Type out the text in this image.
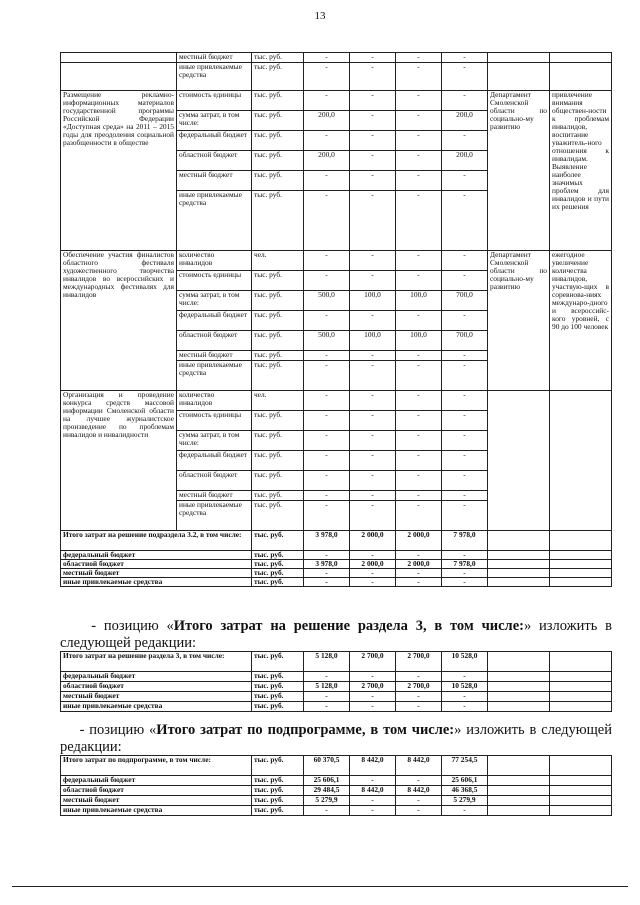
13
	местный бюджет	тыс. руб.	-	-	-	-		
	иные привлекаемые средства	тыс. руб.	-	-	-	-		
Размещение рекламно-информационных материалов государственной программы Российской Федерации «Доступная среда» на 2011 – 2015 годы для преодоления социальной разобщенности в обществе	стоимость единицы	тыс. руб.	-	-	-	-	Департамент Смоленской области по социально-му развитию	привлечение внимания обществен-ности к проблемам инвалидов, воспитание уважитель-ного отношения к инвалидам. Выявление наиболее значимых проблем для инвалидов и пути их решения
	сумма затрат, в том числе:	тыс. руб.	200,0	-	-	200,0		
	федеральный бюджет	тыс. руб.	-	-	-	-		
	областной бюджет	тыс. руб.	200,0	-	-	200,0		
	местный бюджет	тыс. руб.	-	-	-	-		
	иные привлекаемые средства	тыс. руб.	-	-	-	-		
Обеспечение участия финалистов областного фестиваля художественного творчества инвалидов во всероссийских и международных фестивалях для инвалидов	количество инвалидов	чел.	-	-	-	-	Департамент Смоленской области по социально-му развитию	ежегодное увеличение количества инвалидов, участвую-щих в соревнова-ниях междунаро-дного и всероссийс-кого уровней, с 90 до 100 человек
	стоимость единицы	тыс. руб.	-	-	-	-		
	сумма затрат, в том числе:	тыс. руб.	500,0	100,0	100,0	700,0		
	федеральный бюджет	тыс. руб.	-	-	-	-		
	областной бюджет	тыс. руб.	500,0	100,0	100,0	700,0		
	местный бюджет	тыс. руб.	-	-	-	-		
	иные привлекаемые средства	тыс. руб.	-	-	-	-		
Организация и проведение конкурса средств массовой информации Смоленской области на лучшее журналистское произведение по проблемам инвалидов и инвалидности	количество инвалидов	чел.	-	-	-	-		
	стоимость единицы	тыс. руб.	-	-	-	-		
	сумма затрат, в том числе:	тыс. руб.	-	-	-	-		
	федеральный бюджет	тыс. руб.	-	-	-	-		
	областной бюджет	тыс. руб.	-	-	-	-		
	местный бюджет	тыс. руб.	-	-	-	-		
	иные привлекаемые средства	тыс. руб.	-	-	-	-		
Итого затрат на решение подраздела 3.2, в том числе:		тыс. руб.	3 978,0	2 000,0	2 000,0	7 978,0		
федеральный бюджет		тыс. руб.	-	-	-	-		
областной бюджет		тыс. руб.	3 978,0	2 000,0	2 000,0	7 978,0		
местный бюджет		тыс. руб.	-	-	-	-		
иные привлекаемые средства		тыс. руб.	-	-	-	-		
- позицию «Итого затрат на решение раздела 3, в том числе:» изложить в следующей редакции:
Итого затрат на решение раздела 3, в том числе:	тыс. руб.	5 128,0	2 700,0	2 700,0	10 528,0		
федеральный бюджет	тыс. руб.	-	-	-	-		
областной бюджет	тыс. руб.	5 128,0	2 700,0	2 700,0	10 528,0		
местный бюджет	тыс. руб.	-	-	-	-		
иные привлекаемые средства	тыс. руб.	-	-	-	-		
- позицию «Итого затрат по подпрограмме, в том числе:» изложить в следующей редакции:
Итого затрат по подпрограмме, в том числе:	тыс. руб.	60 370,5	8 442,0	8 442,0	77 254,5		
федеральный бюджет	тыс. руб.	25 606,1	-	-	25 606,1		
областной бюджет	тыс. руб.	29 484,5	8 442,0	8 442,0	46 368,5		
местный бюджет	тыс. руб.	5 279,9	-	-	5 279,9		
иные привлекаемые средства	тыс. руб.	-	-	-	-		
